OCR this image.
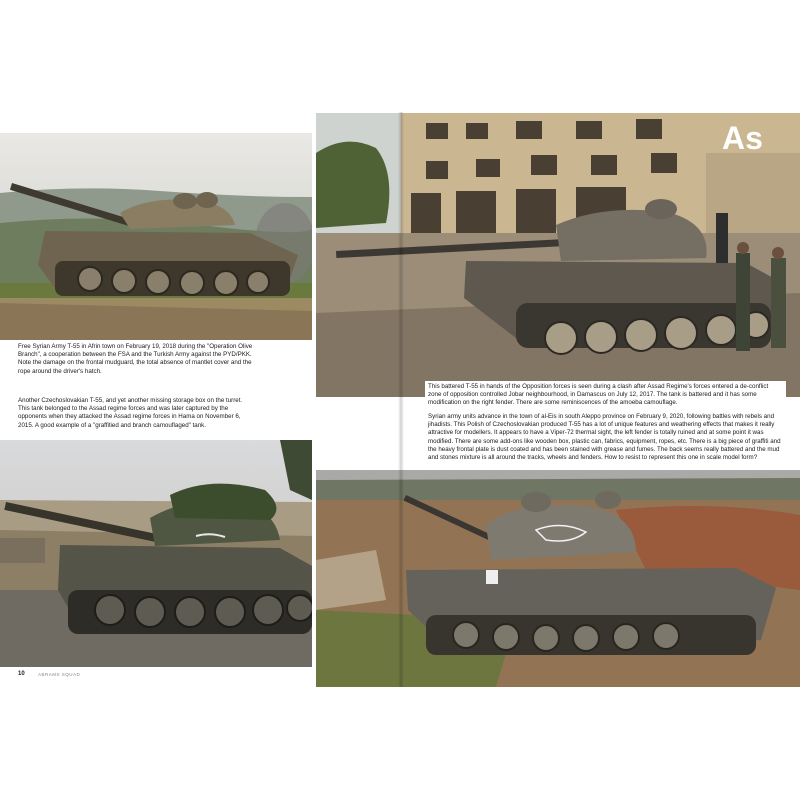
Free Syrian Army T-55 in Afrin town on February 19, 2018 during the "Operation Olive Branch", a cooperation between the FSA and the Turkish Army against the PYD/PKK. Note the damage on the frontal mudguard, the total absence of mantlet cover and the rope around the driver's hatch.

Another Czechoslovakian T-55, and yet another missing storage box on the turret. This tank belonged to the Assad regime forces and was later captured by the opponents when they attacked the Assad regime forces in Hama on November 6, 2015. A good example of a "graffitied and branch camouflaged" tank.

As

This battered T-55 in hands of the Opposition forces is seen during a clash after Assad Regime's forces entered a de-conflict zone of opposition controlled Jobar neighbourhood, in Damascus on July 12, 2017. The tank is battered and it has some modification on the right fender. There are some reminiscences of the amoeba camouflage.

Syrian army units advance in the town of al-Eis in south Aleppo province on February 9, 2020, following battles with rebels and jihadists. This Polish of Czechoslovakian produced T-55 has a lot of unique features and weathering effects that makes it really attractive for modellers. It appears to have a Viper-72 thermal sight, the left fender is totally ruined and at some point it was modified. There are some add-ons like wooden box, plastic can, fabrics, equipment, ropes, etc. There is a big piece of graffiti and the heavy frontal plate is dust coated and has been stained with grease and fumes. The back seems really battered and the mud and stones mixture is all around the tracks, wheels and fenders. How to resist to represent this one in scale model form?

10	ABRAMS SQUAD
